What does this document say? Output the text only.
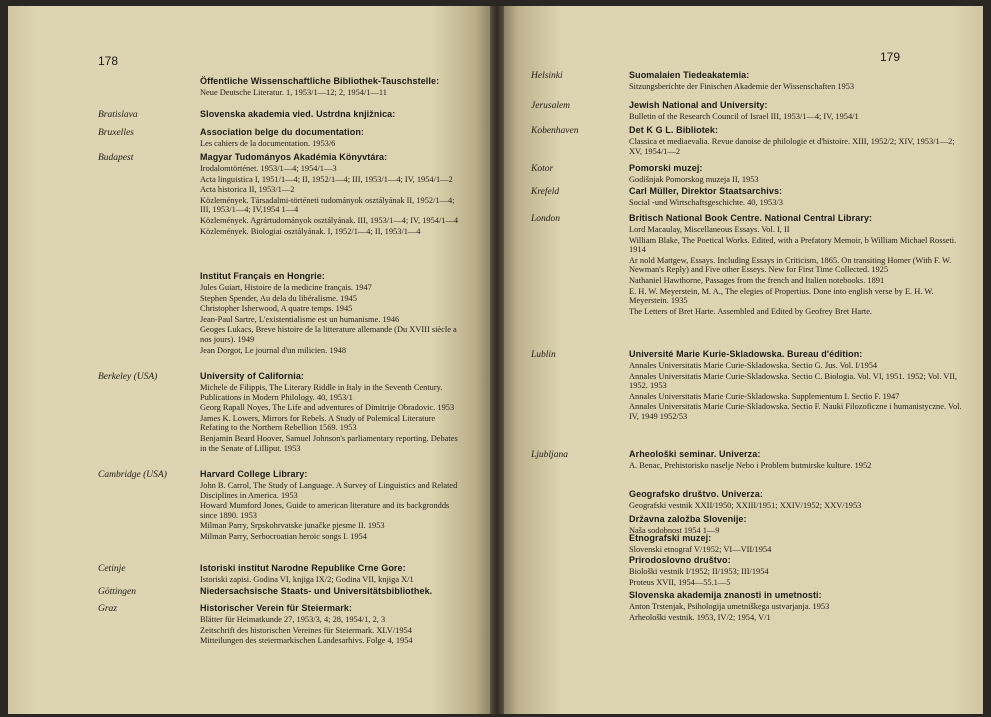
178
Öffentliche Wissenschaftliche Bibliothek-Tauschstelle:
Neue Deutsche Literatur. 1, 1953/1—12; 2, 1954/1—11
Bratislava	Slovenska akademia vied. Ustrdna knjižnica:
Bruxelles	Association belge du documentation:
Les cahiers de la documentation. 1953/6
Budapest	Magyar Tudományos Akadémia Könyvtára:
Irodalomtörténet. 1953/1—4; 1954/1—3
Acta linguistica I, 1951/1—4; II, 1952/1—4; III, 1953/1—4; IV, 1954/1—2
Acta historica II, 1953/1—2
Közlemények. Társadalmi-történeti tudományok osztályának II, 1952/1—4; III, 1953/1—4; IV,1954 1—4
Közlemények. Agrártudományok osztályának. III, 1953/1—4; IV, 1954/1—4
Közlemények. Biologiai osztályának. I, 1952/1—4; II, 1953/1—4
Institut Français en Hongrie:
Jules Guiart, Histoire de la medicine français. 1947
Stephen Spender, Au dela du libéralisme. 1945
Christopher Isherwood, A quatre temps. 1945
Jean-Paul Sartre, L'existentialisme est un humanisme. 1946
Geoges Lukacs, Breve histoire de la litterature allemande (Du XVIII siècle a nos jours). 1949
Jean Dorgot, Le journal d'un milicien. 1948
Berkeley (USA)	University of California:
Michele de Filippis, The Literary Riddle in Italy in the Seventh Century. Publications in Modern Philology. 40, 1953/1
Georg Rapall Noyes, The Life and adventures of Dimitrije Obradovic. 1953
James K. Lowers, Mirrors for Rebels. A Study of Polemical Literature Refating to the Northern Rebellion 1569. 1953
Benjamin Beard Hoover, Samuel Johnson's parliamentary reporting. Debates in the Senate of Lilliput. 1953
Cambridge (USA)	Harvard College Library:
John B. Carrol, The Study of Language. A Survey of Linguistics and Related Disciplines in America. 1953
Howard Mumford Jones, Guide to american literature and its backgrondds since 1890. 1953
Milman Parry, Srpskohrvatske junačke pjesme II. 1953
Milman Parry, Serbocroatian heroic songs I. 1954
Cetinje	Istoriski institut Narodne Republike Crne Gore:
Istoriski zapisi. Godina VI, knjiga IX/2; Godina VII, knjiga X/1
Göttingen	Niedersachsische Staats- und Universitätsbibliothek.
Graz	Historischer Verein für Steiermark:
Blätter für Heimatkunde 27, 1953/3, 4; 28, 1954/1, 2, 3
Zeitschrift des historischen Vereines für Steiermark. XLV/1954
Mitteilungen des steiermarkischen Landesarhivs. Folge 4, 1954
179
Helsinki	Suomalaien Tiedeakatemia:
Sitzungsberichte der Finischen Akademie der Wissenschaften 1953
Jerusalem	Jewish National and University:
Bulletin of the Research Council of Israel III, 1953/1—4; IV, 1954/1
Kobenhaven	Det K G L. Bibliotek:
Classica et mediaevalia. Revue danoise de philologie et d'histoire. XIII, 1952/2; XIV, 1953/1—2; XV, 1954/1—2
Kotor	Pomorski muzej:
Godišnjak Pomorskog muzeja II, 1953
Krefeld	Carl Müller, Direktor Staatsarchivs:
Social -und Wirtschaftsgeschichte. 40, 1953/3
London	Britisch National Book Centre. National Central Library:
Lord Macaulay, Miscellaneous Essays. Vol. I, II
William Blake, The Poetical Works. Edited, with a Prefatory Memoir, b William Michael Rosseti. 1914
Ar nold Mattgew, Essays. Including Essays in Criticism, 1865. On transiting Homer (With F. W. Newman's Reply) and Five other Esseys. New for First Time Collected. 1925
Nathaniel Hawthorne, Passages from the french and Italien notebooks. 1891
E. H. W. Meyerstein, M. A., The elegies of Propertius. Done into english verse by E. H. W. Meyerstein. 1935
The Letters of Bret Harte. Assembled and Edited by Geofrey Bret Harte.
Lublin	Université Marie Kurie-Skladowska. Bureau d'édition:
Annales Universitatis Marie Curie-Skladowska. Sectio G. Jus. Vol. I/1954
Annales Universitatis Marie Curie-Skladowska. Sectio C. Biologia. Vol. VI, 1951. 1952; Vol. VII, 1952. 1953
Annales Universitatis Marie Curie-Skladowska. Supplementum I. Sectio F. 1947
Annales Universitatis Marie Curie-Skladowska. Sectio F. Nauki Filozoficzne i humanistyczne. Vol. IV, 1949 1952/53
Ljubljana	Arheološki seminar. Univerza:
A. Benac, Prehistorisko naselje Nebo i Problem butmirske kulture. 1952
Geografsko društvo. Univerza:
Geografski vestnik XXII/1950; XXIII/1951; XXIV/1952; XXV/1953
Državna založba Slovenije:
Naša sodobnost 1954 1—9
Etnografski muzej:
Slovenski etnograf V/1952; VI—VII/1954
Prirodoslovno društvo:
Biološki vestnik I/1952; II/1953; III/1954
Proteus XVII, 1954—55.1—5
Slovenska akademija znanosti in umetnosti:
Anton Trstenjak, Psihologija umetniškega ustvarjanja. 1953
Arheološki vestnik. 1953, IV/2; 1954, V/1
